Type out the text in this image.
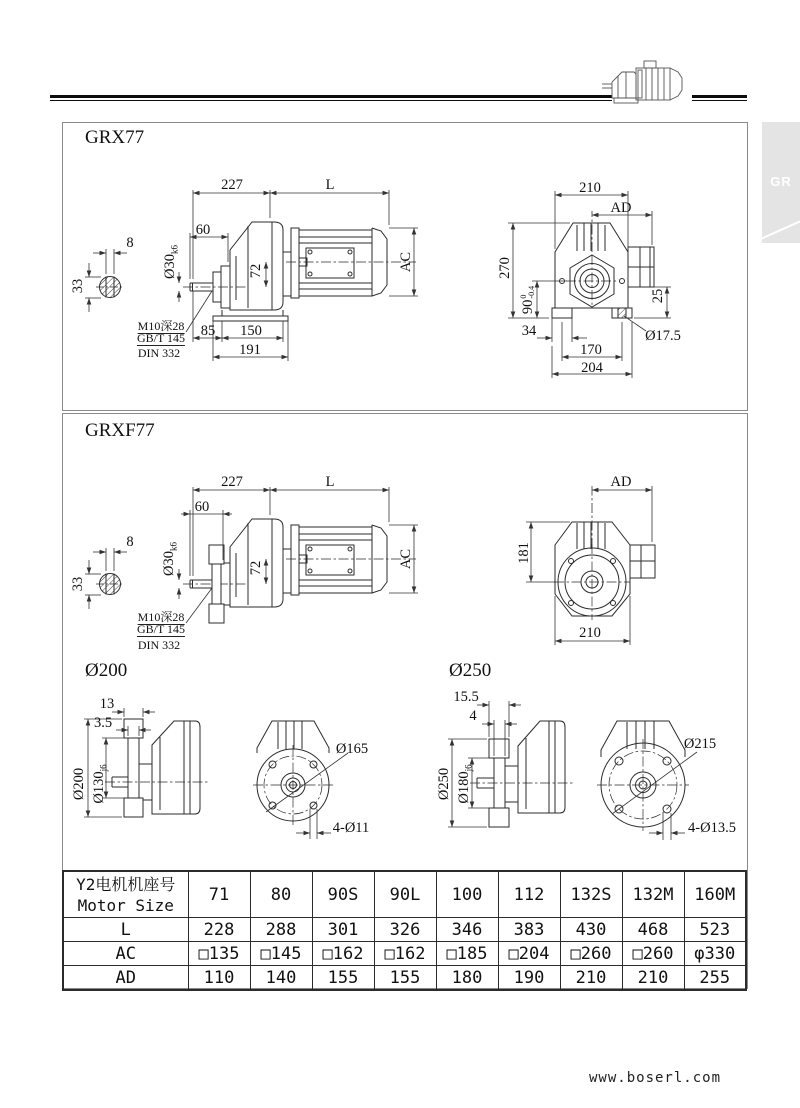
GR
GRX77
GRXF77
Ø200	Ø250
227	L
60
8
$Ø30_{k6}$
33
72	AC
M10深28
GB/T 145
DIN 332
85 150
191
210
AD
270
90
0 -0.4	25
34	Ø17.5
170
204
227	L
60
8
$Ø30_{k6}$
33
72	AC
M10深28
GB/T 145
DIN 332
AD
181
210
13
3.5
Ø200 $Ø130_{j6}$
Ø165
4-Ø11
15.5
4
Ø250 $Ø180_{j6}$
Ø215
4-Ø13.5
Y2电机机座号
Motor Size	71	80	90S	90L	100	112	132S	132M	160M
L	228	288	301	326	346	383	430	468	523
AC	□135	□145	□162	□162	□185	□204	□260	□260	φ330
AD	110	140	155	155	180	190	210	210	255
www.boserl.com
